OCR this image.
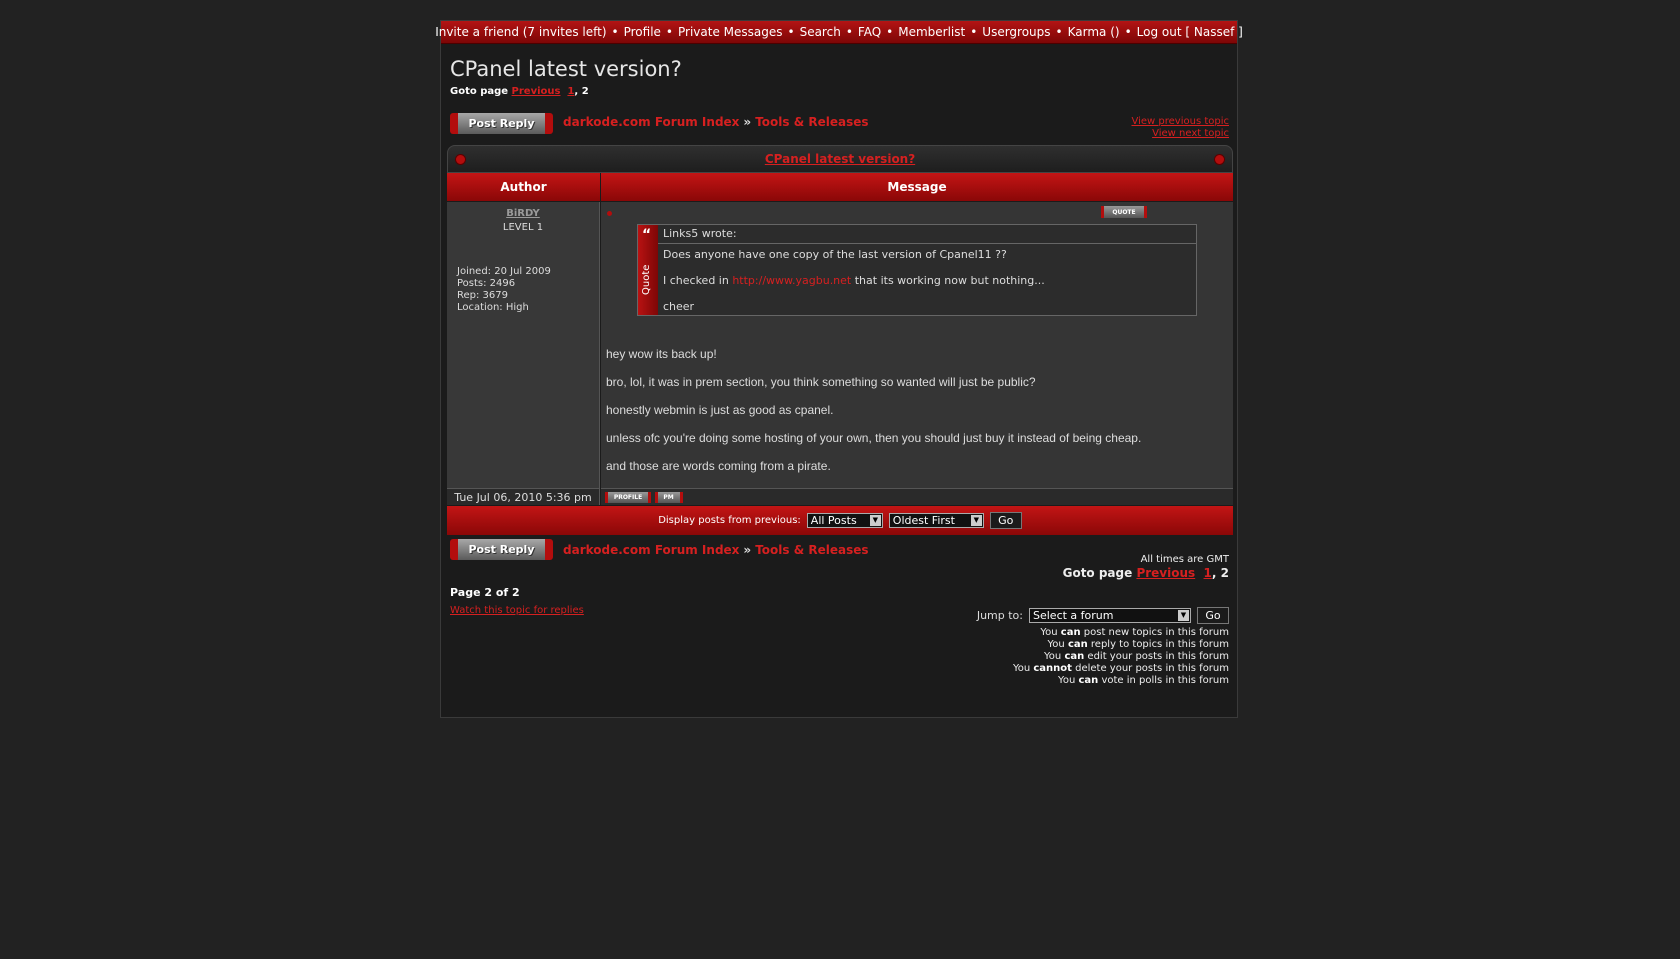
Invite a friend (7 invites left) • Profile • Private Messages • Search • FAQ • Memberlist • Usergroups • Karma () • Log out [ Nassef ]
CPanel latest version?
Goto page Previous 1, 2
Post Reply	darkode.com Forum Index » Tools & Releases	View previous topic
View next topic
CPanel latest version?
Author	Message
BiRDY
LEVEL 1
Joined: 20 Jul 2009
Posts: 2496
Rep: 3679
Location: High
QUOTE
“
Quote
Links5 wrote:

Does anyone have one copy of the last version of Cpanel11 ??

I checked in http://www.yagbu.net that its working now but nothing...

cheer

hey wow its back up!

bro, lol, it was in prem section, you think something so wanted will just be public?

honestly webmin is just as good as cpanel.

unless ofc you're doing some hosting of your own, then you should just buy it instead of being cheap.

and those are words coming from a pirate.

Tue Jul 06, 2010 5:36 pm	PROFILE	PM
Display posts from previous: All Posts	▼ Oldest First	▼	Go
Post Reply	darkode.com Forum Index » Tools & Releases
All times are GMT
Goto page Previous 1, 2
Page 2 of 2
Watch this topic for replies	Jump to: Select a forum	▼	Go
You can post new topics in this forum
You can reply to topics in this forum
You can edit your posts in this forum
You cannot delete your posts in this forum
You can vote in polls in this forum
